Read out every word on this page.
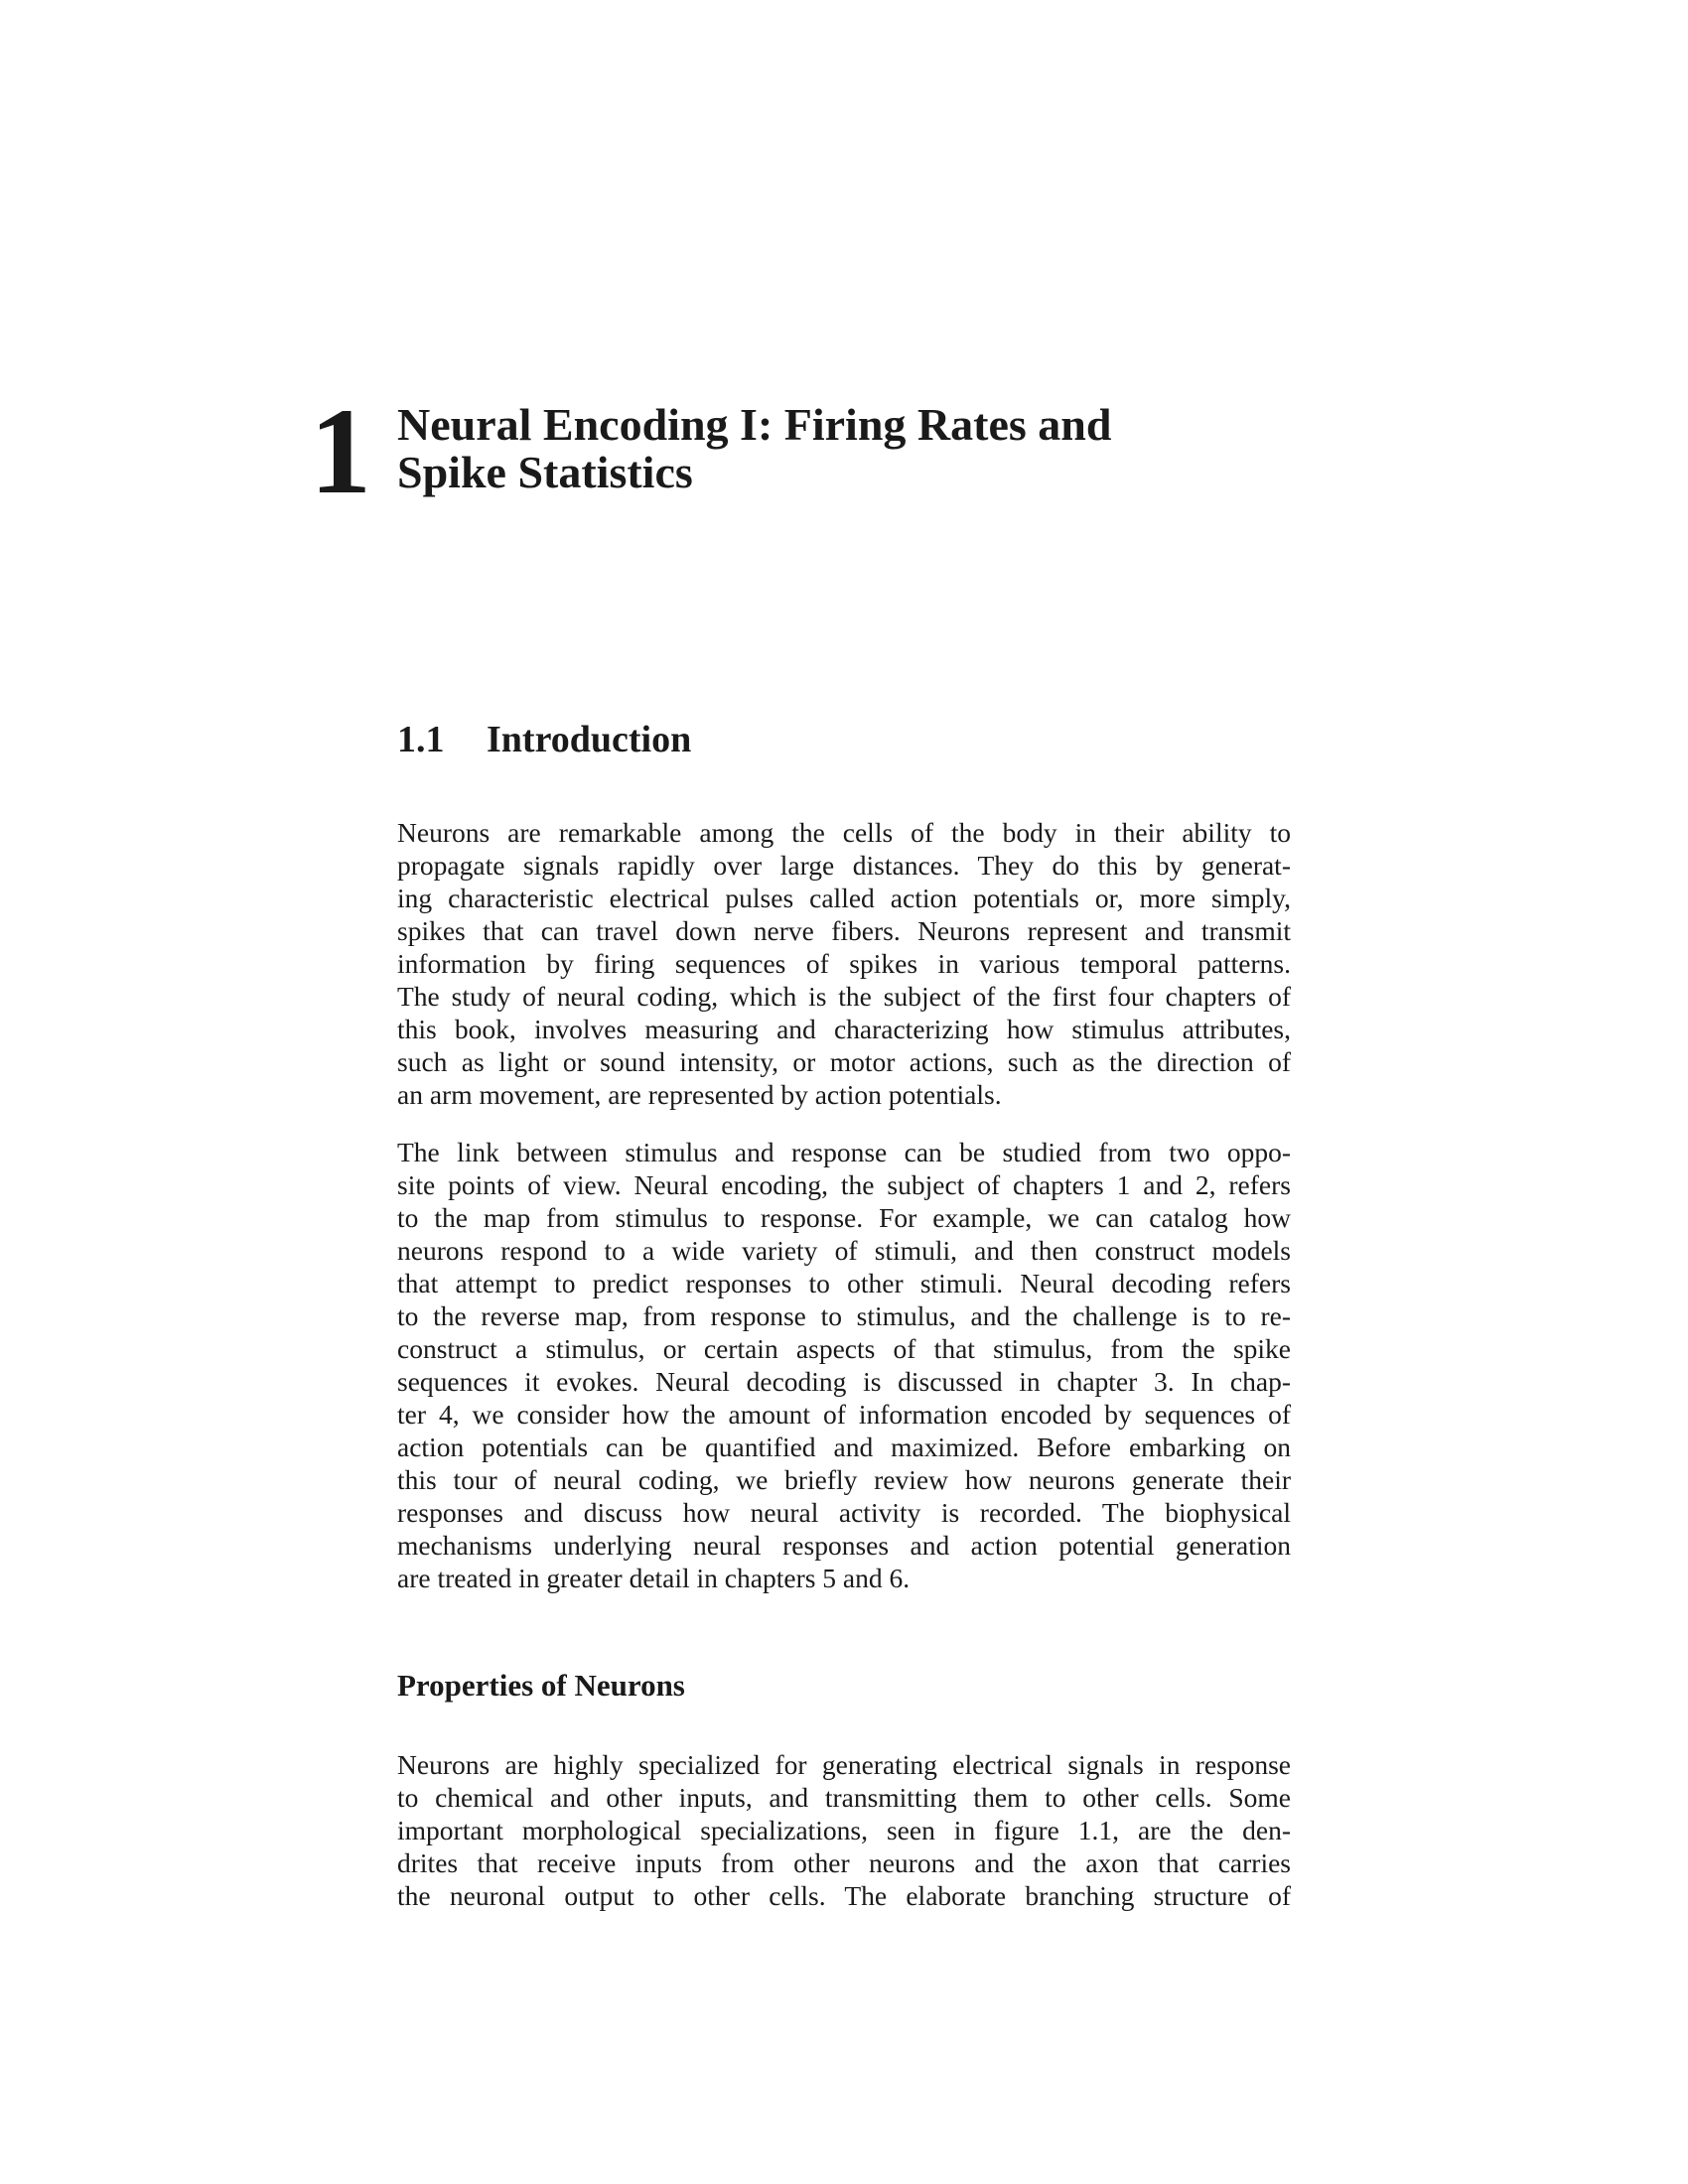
1 Neural Encoding I: Firing Rates and
Spike Statistics
1.1 Introduction
Neurons are remarkable among the cells of the body in their ability to
propagate signals rapidly over large distances. They do this by generat-
ing characteristic electrical pulses called action potentials or, more simply,
spikes that can travel down nerve fibers. Neurons represent and transmit
information by firing sequences of spikes in various temporal patterns.
The study of neural coding, which is the subject of the first four chapters of
this book, involves measuring and characterizing how stimulus attributes,
such as light or sound intensity, or motor actions, such as the direction of
an arm movement, are represented by action potentials.
The link between stimulus and response can be studied from two oppo-
site points of view. Neural encoding, the subject of chapters 1 and 2, refers
to the map from stimulus to response. For example, we can catalog how
neurons respond to a wide variety of stimuli, and then construct models
that attempt to predict responses to other stimuli. Neural decoding refers
to the reverse map, from response to stimulus, and the challenge is to re-
construct a stimulus, or certain aspects of that stimulus, from the spike
sequences it evokes. Neural decoding is discussed in chapter 3. In chap-
ter 4, we consider how the amount of information encoded by sequences of
action potentials can be quantified and maximized. Before embarking on
this tour of neural coding, we briefly review how neurons generate their
responses and discuss how neural activity is recorded. The biophysical
mechanisms underlying neural responses and action potential generation
are treated in greater detail in chapters 5 and 6.
Properties of Neurons
Neurons are highly specialized for generating electrical signals in response
to chemical and other inputs, and transmitting them to other cells. Some
important morphological specializations, seen in figure 1.1, are the den-
drites that receive inputs from other neurons and the axon that carries
the neuronal output to other cells. The elaborate branching structure of
